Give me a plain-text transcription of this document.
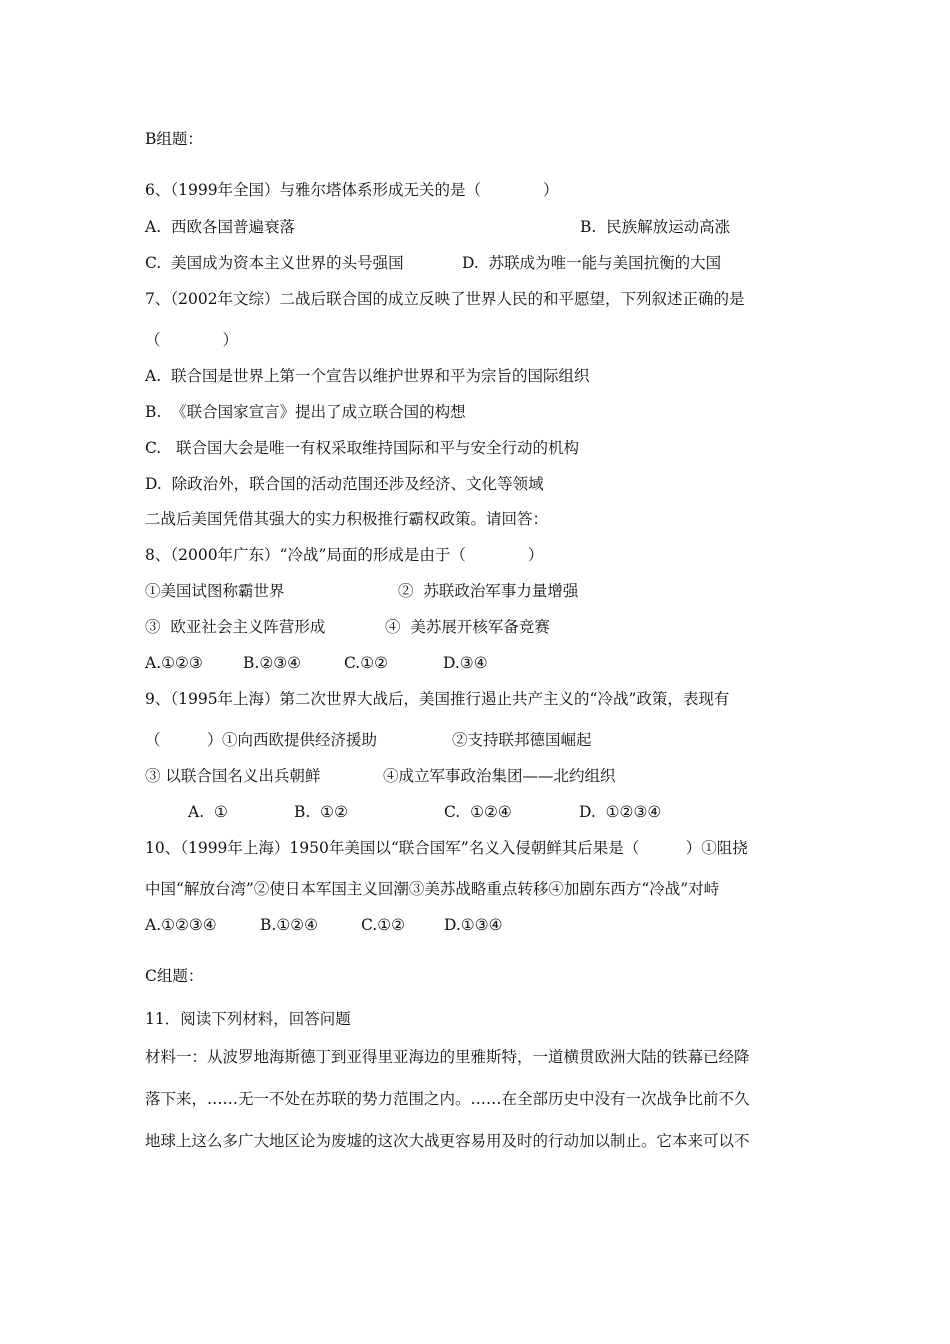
B组题：
6、（1999年全国）与雅尔塔体系形成无关的是（　　　　）
A.  西欧各国普遍衰落	B.  民族解放运动高涨
C.  美国成为资本主义世界的头号强国	D.  苏联成为唯一能与美国抗衡的大国
7、（2002年文综）二战后联合国的成立反映了世界人民的和平愿望，下列叙述正确的是
（　　　　）
A.  联合国是世界上第一个宣告以维护世界和平为宗旨的国际组织
B.  《联合国家宣言》提出了成立联合国的构想
C.   联合国大会是唯一有权采取维持国际和平与安全行动的机构
D.  除政治外，联合国的活动范围还涉及经济、文化等领域
二战后美国凭借其强大的实力积极推行霸权政策。请回答：
8、（2000年广东）“冷战”局面的形成是由于（　　　　）
①美国试图称霸世界	②  苏联政治军事力量增强
③  欧亚社会主义阵营形成	④  美苏展开核军备竞赛
A.①②③	B.②③④	C.①②	D.③④
9、（1995年上海）第二次世界大战后，美国推行遏止共产主义的“冷战”政策，表现有
（　　　） ①向西欧提供经济援助	②支持联邦德国崛起
③ 以联合国名义出兵朝鲜	④成立军事政治集团——北约组织
A.  ①	B.  ①②	C.  ①②④	D.  ①②③④
10、（1999年上海）1950年美国以“联合国军”名义入侵朝鲜其后果是（　　　）①阻挠
中国“解放台湾”②使日本军国主义回潮③美苏战略重点转移④加剧东西方“冷战”对峙
A.①②③④	B.①②④	C.①②	D.①③④
C组题：
11．阅读下列材料，回答问题
材料一：从波罗地海斯德丁到亚得里亚海边的里雅斯特，一道横贯欧洲大陆的铁幕已经降
落下来，……无一不处在苏联的势力范围之内。……在全部历史中没有一次战争比前不久
地球上这么多广大地区论为废墟的这次大战更容易用及时的行动加以制止。它本来可以不
